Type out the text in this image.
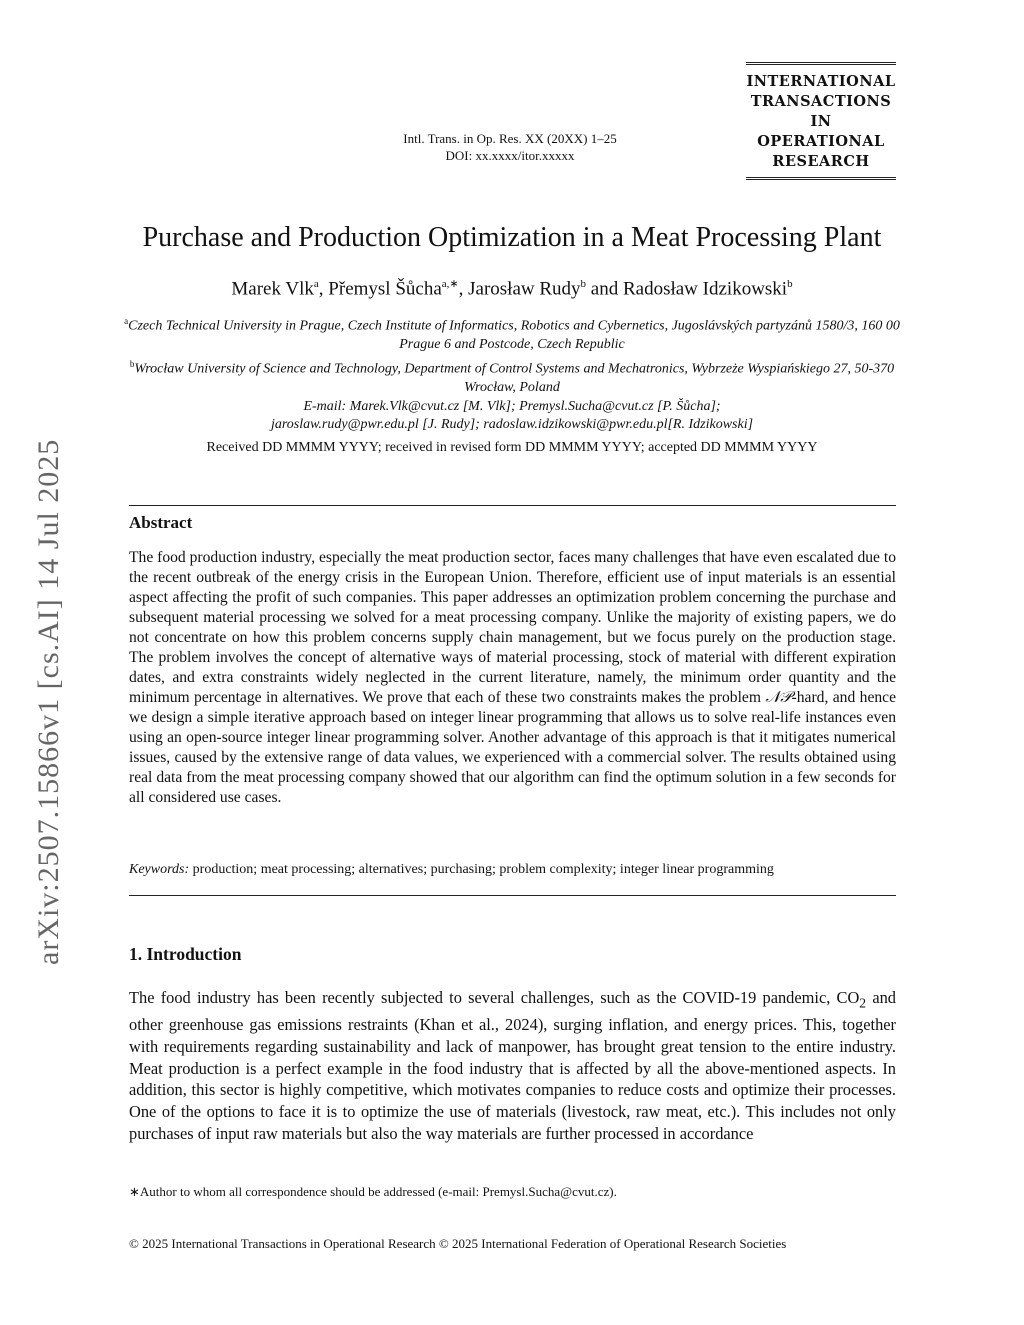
arXiv:2507.15866v1 [cs.AI] 14 Jul 2025
Intl. Trans. in Op. Res. XX (20XX) 1–25
DOI: xx.xxxx/itor.xxxxx
INTERNATIONAL
TRANSACTIONS
IN
OPERATIONAL
RESEARCH
Purchase and Production Optimization in a Meat Processing Plant
Marek Vlk$^a$, Přemysl Šůcha$^{a,∗}$, Jarosław Rudy$^b$ and Radosław Idzikowski$^b$
$^a$Czech Technical University in Prague, Czech Institute of Informatics, Robotics and Cybernetics, Jugoslávských partyzánů 1580/3, 160 00 Prague 6 and Postcode, Czech Republic
$^b$Wrocław University of Science and Technology, Department of Control Systems and Mechatronics, Wybrzeże Wyspiańskiego 27, 50-370 Wrocław, Poland
E-mail: Marek.Vlk@cvut.cz [M. Vlk]; Premysl.Sucha@cvut.cz [P. Šůcha];
jaroslaw.rudy@pwr.edu.pl [J. Rudy]; radoslaw.idzikowski@pwr.edu.pl[R. Idzikowski]
Received DD MMMM YYYY; received in revised form DD MMMM YYYY; accepted DD MMMM YYYY
Abstract
The food production industry, especially the meat production sector, faces many challenges that have even escalated due to the recent outbreak of the energy crisis in the European Union. Therefore, efficient use of input materials is an essential aspect affecting the profit of such companies. This paper addresses an optimization problem concerning the purchase and subsequent material processing we solved for a meat processing company. Unlike the majority of existing papers, we do not concentrate on how this problem concerns supply chain management, but we focus purely on the production stage. The problem involves the concept of alternative ways of material processing, stock of material with different expiration dates, and extra constraints widely neglected in the current literature, namely, the minimum order quantity and the minimum percentage in alternatives. We prove that each of these two constraints makes the problem 𝒩𝒫-hard, and hence we design a simple iterative approach based on integer linear programming that allows us to solve real-life instances even using an open-source integer linear programming solver. Another advantage of this approach is that it mitigates numerical issues, caused by the extensive range of data values, we experienced with a commercial solver. The results obtained using real data from the meat processing company showed that our algorithm can find the optimum solution in a few seconds for all considered use cases.
Keywords: production; meat processing; alternatives; purchasing; problem complexity; integer linear programming
1. Introduction
The food industry has been recently subjected to several challenges, such as the COVID-19 pandemic, $CO_2$ and other greenhouse gas emissions restraints (Khan et al., 2024), surging inflation, and energy prices. This, together with requirements regarding sustainability and lack of manpower, has brought great tension to the entire industry. Meat production is a perfect example in the food industry that is affected by all the above-mentioned aspects. In addition, this sector is highly competitive, which motivates companies to reduce costs and optimize their processes. One of the options to face it is to optimize the use of materials (livestock, raw meat, etc.). This includes not only purchases of input raw materials but also the way materials are further processed in accordance
∗Author to whom all correspondence should be addressed (e-mail: Premysl.Sucha@cvut.cz).
© 2025 International Transactions in Operational Research © 2025 International Federation of Operational Research Societies
